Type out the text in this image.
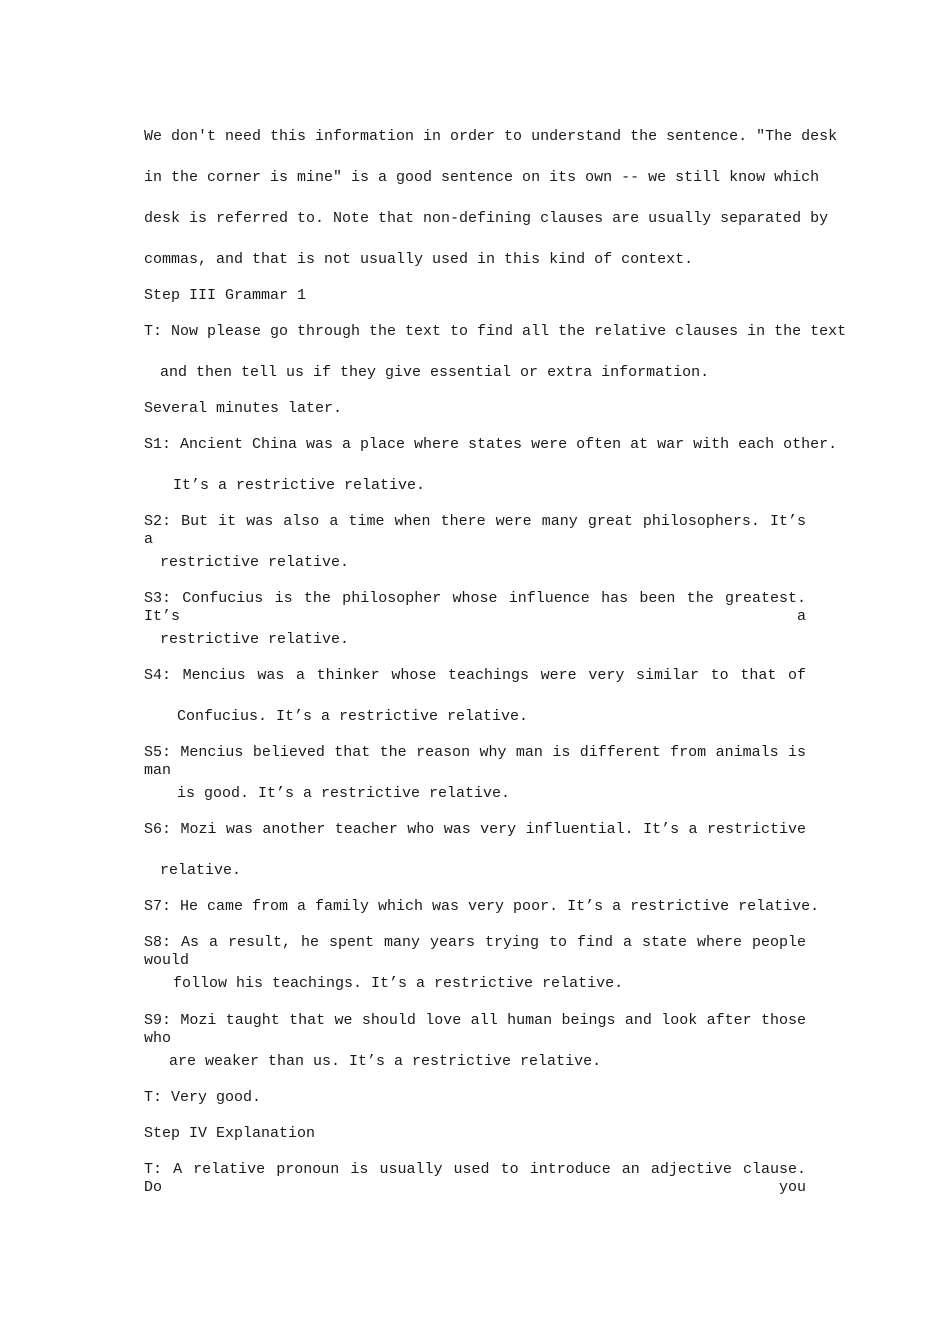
We don't need this information in order to understand the sentence. "The desk
in the corner is mine" is a good sentence on its own -- we still know which
desk is referred to. Note that non-defining clauses are usually separated by
commas, and that is not usually used in this kind of context.
Step III Grammar 1
T: Now please go through the text to find all the relative clauses in the text
and then tell us if they give essential or extra information.
Several minutes later.
S1: Ancient China was a place where states were often at war with each other.
It’s a restrictive relative.
S2: But it was also a time when there were many great philosophers. It’s a
restrictive relative.
S3: Confucius is the philosopher whose influence has been the greatest. It’s a
restrictive relative.
S4: Mencius was a thinker whose teachings were very similar to that of
Confucius. It’s a restrictive relative.
S5: Mencius believed that the reason why man is different from animals is man
is good. It’s a restrictive relative.
S6: Mozi was another teacher who was very influential. It’s a restrictive
relative.
S7: He came from a family which was very poor. It’s a restrictive relative.
S8: As a result, he spent many years trying to find a state where people would
follow his teachings. It’s a restrictive relative.
S9: Mozi taught that we should love all human beings and look after those who
are weaker than us. It’s a restrictive relative.
T: Very good.
Step IV Explanation
T: A relative pronoun is usually used to introduce an adjective clause. Do you
